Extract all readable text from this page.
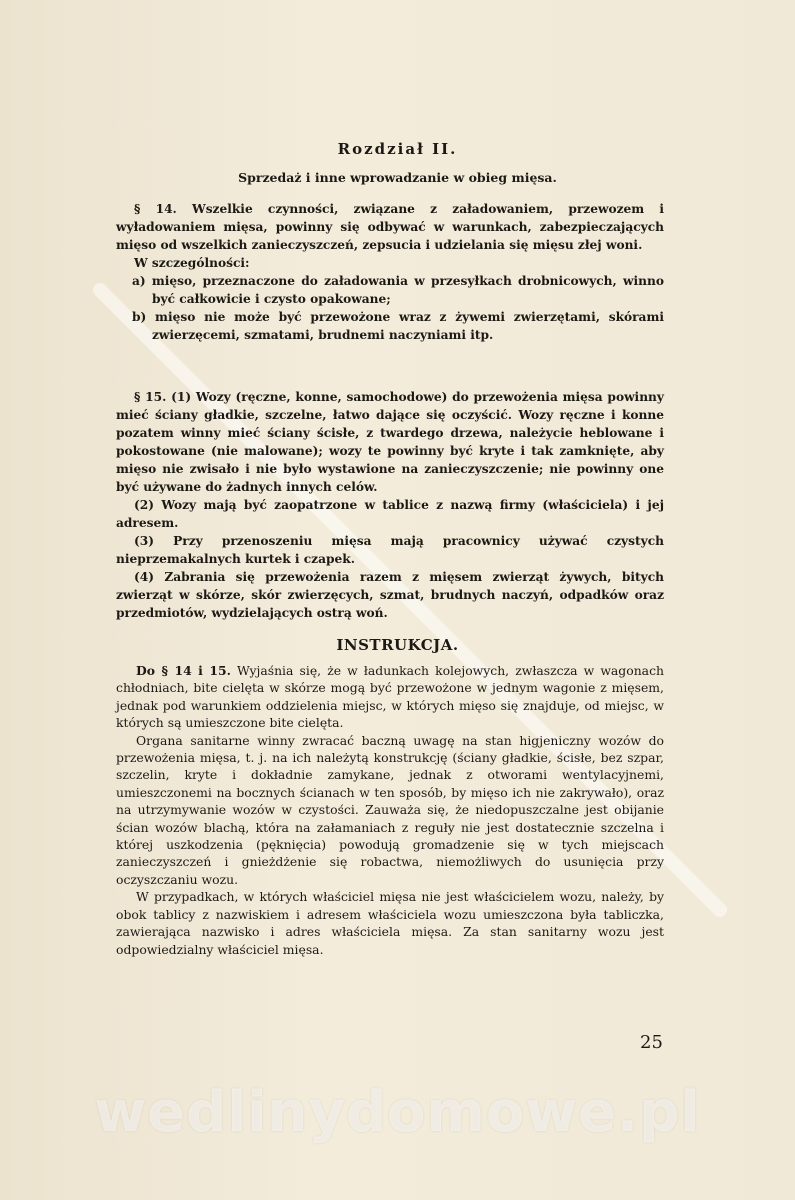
Rozdział II.
Sprzedaż i inne wprowadzanie w obieg mięsa.

§ 14. Wszelkie czynności, związane z załadowaniem, przewozem i wyładowaniem mięsa, powinny się odbywać w warunkach, zabezpieczających mięso od wszelkich zanieczyszczeń, zepsucia i udzielania się mięsu złej woni.

W szczególności:

a) mięso, przeznaczone do załadowania w przesyłkach drobnicowych, winno być całkowicie i czysto opakowane;

b) mięso nie może być przewożone wraz z żywemi zwierzętami, skórami zwierzęcemi, szmatami, brudnemi naczyniami itp.

§ 15. (1) Wozy (ręczne, konne, samochodowe) do przewożenia mięsa powinny mieć ściany gładkie, szczelne, łatwo dające się oczyścić. Wozy ręczne i konne pozatem winny mieć ściany ścisłe, z twardego drzewa, należycie heblowane i pokostowane (nie malowane); wozy te powinny być kryte i tak zamknięte, aby mięso nie zwisało i nie było wystawione na zanieczyszczenie; nie powinny one być używane do żadnych innych celów.

(2) Wozy mają być zaopatrzone w tablice z nazwą firmy (właściciela) i jej adresem.

(3) Przy przenoszeniu mięsa mają pracownicy używać czystych nieprzemakalnych kurtek i czapek.

(4) Zabrania się przewożenia razem z mięsem zwierząt żywych, bitych zwierząt w skórze, skór zwierzęcych, szmat, brudnych naczyń, odpadków oraz przedmiotów, wydzielających ostrą woń.

INSTRUKCJA.

Do § 14 i 15. Wyjaśnia się, że w ładunkach kolejowych, zwłaszcza w wagonach chłodniach, bite cielęta w skórze mogą być przewożone w jednym wagonie z mięsem, jednak pod warunkiem oddzielenia miejsc, w których mięso się znajduje, od miejsc, w których są umieszczone bite cielęta.

Organa sanitarne winny zwracać baczną uwagę na stan higjeniczny wozów do przewożenia mięsa, t. j. na ich należytą konstrukcję (ściany gładkie, ścisłe, bez szpar, szczelin, kryte i dokładnie zamykane, jednak z otworami wentylacyjnemi, umieszczonemi na bocznych ścianach w ten sposób, by mięso ich nie zakrywało), oraz na utrzymywanie wozów w czystości. Zauważa się, że niedopuszczalne jest obijanie ścian wozów blachą, która na załamaniach z reguły nie jest dostatecznie szczelna i której uszkodzenia (pęknięcia) powodują gromadzenie się w tych miejscach zanieczyszczeń i gnieżdżenie się robactwa, niemożliwych do usunięcia przy oczyszczaniu wozu.

W przypadkach, w których właściciel mięsa nie jest właścicielem wozu, należy, by obok tablicy z nazwiskiem i adresem właściciela wozu umieszczona była tabliczka, zawierająca nazwisko i adres właściciela mięsa. Za stan sanitarny wozu jest odpowiedzialny właściciel mięsa.

25
wedlinydomowe.pl
